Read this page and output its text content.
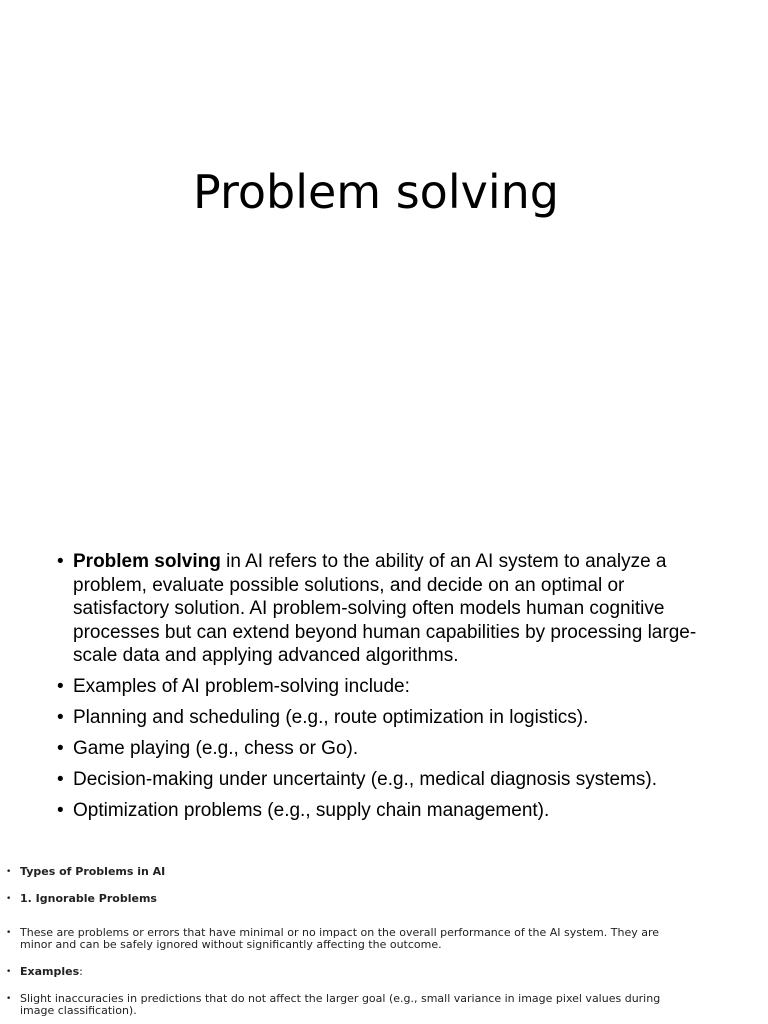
Problem solving
• Problem solving in AI refers to the ability of an AI system to analyze a problem, evaluate possible solutions, and decide on an optimal or satisfactory solution. AI problem-solving often models human cognitive processes but can extend beyond human capabilities by processing large-scale data and applying advanced algorithms.
• Examples of AI problem-solving include:
• Planning and scheduling (e.g., route optimization in logistics).
• Game playing (e.g., chess or Go).
• Decision-making under uncertainty (e.g., medical diagnosis systems).
• Optimization problems (e.g., supply chain management).
• Types of Problems in AI
• 1. Ignorable Problems
• These are problems or errors that have minimal or no impact on the overall performance of the AI system. They are minor and can be safely ignored without significantly affecting the outcome.
• Examples:
• Slight inaccuracies in predictions that do not affect the larger goal (e.g., small variance in image pixel values during image classification).
